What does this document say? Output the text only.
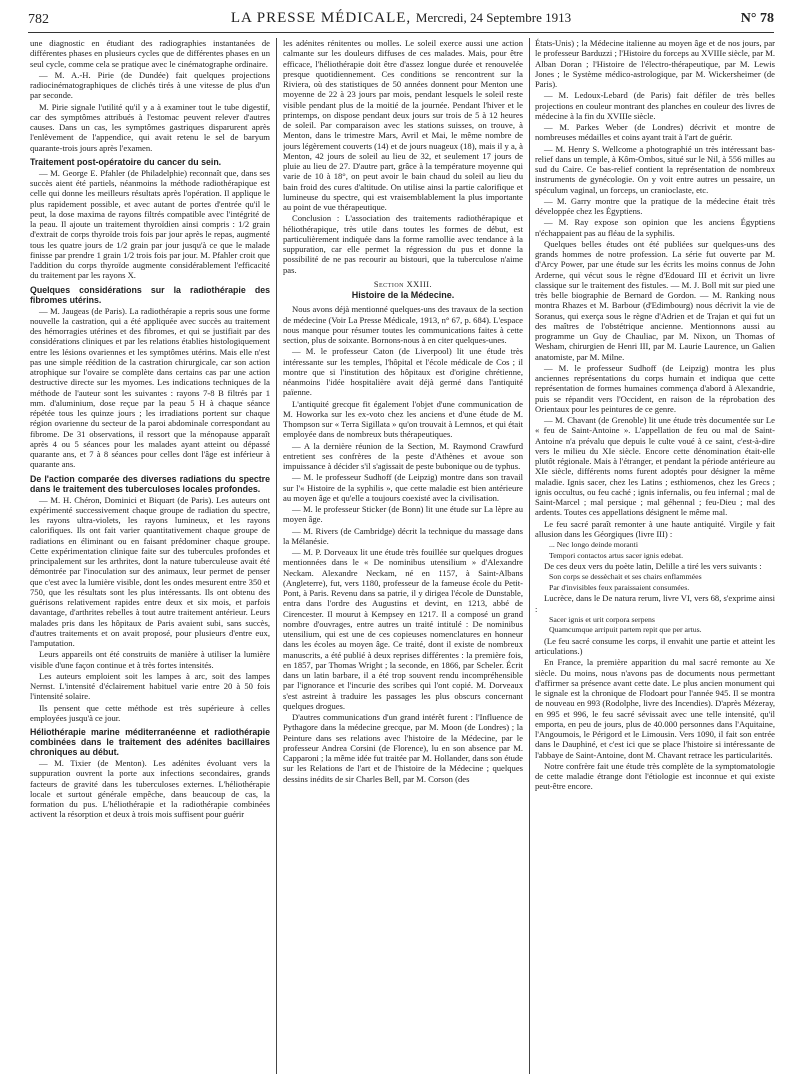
782	LA PRESSE MÉDICALE, Mercredi, 24 Septembre 1913	N° 78

une diagnostic en étudiant des radiographies instantanées de différentes phases en plusieurs cycles que de différentes phases en un seul cycle, comme cela se pratique avec le cinématographe ordinaire.

— M. A.-H. Pirie (de Dundée) fait quelques projections radiocinématographiques de clichés tirés à une vitesse de plus d'un par seconde.

M. Pirie signale l'utilité qu'il y a à examiner tout le tube digestif, car des symptômes attribués à l'estomac peuvent relever d'autres causes. Dans un cas, les symptômes gastriques disparurent après l'enlèvement de l'appendice, qui avait retenu le sel de baryum quarante-trois jours après l'examen.

Traitement post-opératoire du cancer du sein.

— M. George E. Pfahler (de Philadelphie) reconnaît que, dans ses succès aient été partiels, néanmoins la méthode radiothérapique est celle qui donne les meilleurs résultats après l'opération. Il applique le plus rapidement possible, et avec autant de portes d'entrée qu'il le peut, la dose maxima de rayons filtrés compatible avec l'intégrité de la peau. Il ajoute un traitement thyroïdien ainsi compris : 1/2 grain d'extrait de corps thyroïde trois fois par jour après le repas, augmenté tous les quatre jours de 1/2 grain par jour jusqu'à ce que le malade finisse par prendre 1 grain 1/2 trois fois par jour. M. Pfahler croit que l'addition du corps thyroïde augmente considérablement l'efficacité du traitement par les rayons X.

Quelques considérations sur la radiothérapie des fibromes utérins.

— M. Jaugeas (de Paris). La radiothérapie a repris sous une forme nouvelle la castration, qui a été appliquée avec succès au traitement des hémorragies utérines et des fibromes, et qui se justifiait par des considérations cliniques et par les relations établies histologiquement entre les lésions ovariennes et les symptômes utérins. Mais elle n'est pas une simple réédition de la castration chirurgicale, car son action atrophique sur l'ovaire se complète dans certains cas par une action destructive directe sur les myomes. Les indications techniques de la méthode de l'auteur sont les suivantes : rayons 7-8 B filtrés par 1 mm. d'aluminium, dose reçue par la peau 5 H à chaque séance répétée tous les quinze jours ; les irradiations portent sur chaque région ovarienne du secteur de la paroi abdominale correspondant au fibrome. De 31 observations, il ressort que la ménopause apparaît après 4 ou 5 séances pour les malades ayant atteint ou dépassé quarante ans, et 7 à 8 séances pour celles dont l'âge est inférieur à quarante ans.

De l'action comparée des diverses radiations du spectre dans le traitement des tuberculoses locales profondes.

— M. H. Chéron, Dominici et Biquart (de Paris). Les auteurs ont expérimenté successivement chaque groupe de radiation du spectre, les rayons ultra-violets, les rayons lumineux, et les rayons calorifiques. Ils ont fait varier quantitativement chaque groupe de radiations en éliminant ou en faisant prédominer chaque groupe. Cette expérimentation clinique faite sur des tubercules profondes et principalement sur les arthrites, dont la nature tuberculeuse avait été démontrée par l'inoculation sur des animaux, leur permet de penser que c'est avec la lumière visible, dont les ondes mesurent entre 350 et 750, que les résultats sont les plus intéressants. Ils ont obtenu des guérisons relativement rapides entre deux et six mois, et parfois davantage, d'arthrites rebelles à tout autre traitement antérieur. Leurs malades pris dans les hôpitaux de Paris avaient subi, sans succès, d'autres traitements et on avait proposé, pour plusieurs d'entre eux, l'amputation.

Leurs appareils ont été construits de manière à utiliser la lumière visible d'une façon continue et à très fortes intensités.

Les auteurs emploient soit les lampes à arc, soit des lampes Nernst. L'intensité d'éclairement habituel varie entre 20 à 50 fois l'intensité solaire.

Ils pensent que cette méthode est très supérieure à celles employées jusqu'à ce jour.

Héliothérapie marine méditerranéenne et radiothérapie combinées dans le traitement des adénites bacillaires chroniques au début.

— M. Tixier (de Menton). Les adénites évoluant vers la suppuration ouvrent la porte aux infections secondaires, grands facteurs de gravité dans les tuberculoses externes. L'héliothérapie locale et surtout générale empêche, dans beaucoup de cas, la formation du pus. L'héliothérapie et la radiothérapie combinées activent la résorption et deux à trois mois suffisent pour guérir

les adénites rénitentes ou molles. Le soleil exerce aussi une action calmante sur les douleurs diffuses de ces malades. Mais, pour être efficace, l'héliothérapie doit être d'assez longue durée et renouvelée presque quotidiennement. Ces conditions se rencontrent sur la Riviera, où des statistiques de 50 années donnent pour Menton une moyenne de 22 à 23 jours par mois, pendant lesquels le soleil reste visible pendant plus de la moitié de la journée. Pendant l'hiver et le printemps, on dispose pendant deux jours sur trois de 5 à 12 heures de soleil. Par comparaison avec les stations suisses, on trouve, à Menton, dans le trimestre Mars, Avril et Mai, le même nombre de jours légèrement couverts (14) et de jours nuageux (18), mais il y a, à Menton, 42 jours de soleil au lieu de 32, et seulement 17 jours de pluie au lieu de 27. D'autre part, grâce à la température moyenne qui varie de 10 à 18°, on peut avoir le bain chaud du soleil au lieu du bain froid des cures d'altitude. On utilise ainsi la partie calorifique et lumineuse du spectre, qui est vraisemblablement la plus importante au point de vue thérapeutique.

Conclusion : L'association des traitements radiothérapique et héliothérapique, très utile dans toutes les formes de début, est particulièrement indiquée dans la forme ramollie avec tendance à la suppuration, car elle permet la régression du pus et donne la possibilité de ne pas recourir au bistouri, que la tuberculose n'aime pas.

Section XXIII.
Histoire de la Médecine.

Nous avons déjà mentionné quelques-uns des travaux de la section de médecine (Voir La Presse Médicale, 1913, n° 67, p. 684). L'espace nous manque pour résumer toutes les communications faites à cette section, plus de soixante. Bornons-nous à en citer quelques-unes.

— M. le professeur Caton (de Liverpool) lit une étude très intéressante sur les temples, l'hôpital et l'école médicale de Cos ; il montre que si l'institution des hôpitaux est d'origine chrétienne, néanmoins l'idée hospitalière avait déjà germé dans l'antiquité païenne.

L'antiquité grecque fit également l'objet d'une communication de M. Howorka sur les ex-voto chez les anciens et d'une étude de M. Thompson sur « Terra Sigillata » qu'on trouvait à Lemnos, et qui était employée dans de nombreux buts thérapeutiques.

— A la dernière réunion de la Section, M. Raymond Crawfurd entretient ses confrères de la peste d'Athènes et avoue son impuissance à décider s'il s'agissait de peste bubonique ou de typhus.

— M. le professeur Sudhoff (de Leipzig) montre dans son travail sur l'« Histoire de la syphilis », que cette maladie est bien antérieure au moyen âge et qu'elle a toujours coexisté avec la civilisation.

— M. le professeur Sticker (de Bonn) lit une étude sur La lèpre au moyen âge.

— M. Rivers (de Cambridge) décrit la technique du massage dans la Mélanésie.

— M. P. Dorveaux lit une étude très fouillée sur quelques drogues mentionnées dans le « De nominibus utensilium » d'Alexandre Neckam. Alexandre Neckam, né en 1157, à Saint-Albans (Angleterre), fut, vers 1180, professeur de la fameuse école du Petit-Pont, à Paris. Revenu dans sa patrie, il y dirigea l'école de Dunstable, entra dans l'ordre des Augustins et devint, en 1213, abbé de Cirencester. Il mourut à Kempsey en 1217. Il a composé un grand nombre d'ouvrages, entre autres un traité intitulé : De nominibus utensilium, qui est une de ces copieuses nomenclatures en honneur dans les écoles au moyen âge. Ce traité, dont il existe de nombreux manuscrits, a été publié à deux reprises différentes : la première fois, en 1857, par Thomas Wright ; la seconde, en 1866, par Scheler. Écrit dans un latin barbare, il a été trop souvent rendu incompréhensible par l'ignorance et l'incurie des scribes qui l'ont copié. M. Dorveaux s'est astreint à traduire les passages les plus obscurs concernant quelques drogues.

D'autres communications d'un grand intérêt furent : l'Influence de Pythagore dans la médecine grecque, par M. Moon (de Londres) ; la Peinture dans ses relations avec l'histoire de la Médecine, par le professeur Andrea Corsini (de Florence), lu en son absence par M. Capparoni ; la même idée fut traitée par M. Hollander, dans son étude sur les Relations de l'art et de l'histoire de la Médecine ; quelques dessins inédits de sir Charles Bell, par M. Corson (des

États-Unis) ; la Médecine italienne au moyen âge et de nos jours, par le professeur Barduzzi ; l'Histoire du forceps au XVIIIe siècle, par M. Alban Doran ; l'Histoire de l'électro-thérapeutique, par M. Lewis Jones ; le Système médico-astrologique, par M. Wickersheimer (de Paris).

— M. Ledoux-Lebard (de Paris) fait défiler de très belles projections en couleur montrant des planches en couleur des livres de médecine à la fin du XVIIIe siècle.

— M. Parkes Weber (de Londres) décrivit et montre de nombreuses médailles et coins ayant trait à l'art de guérir.

— M. Henry S. Wellcome a photographié un très intéressant bas-relief dans un temple, à Kôm-Ombos, situé sur le Nil, à 556 milles au sud du Caire. Ce bas-relief contient la représentation de nombreux instruments de gynécologie. On y voit entre autres un pessaire, un spéculum vaginal, un forceps, un cranioclaste, etc.

— M. Garry montre que la pratique de la médecine était très développée chez les Égyptiens.

— M. Ray expose son opinion que les anciens Égyptiens n'échappaient pas au fléau de la syphilis.

Quelques belles études ont été publiées sur quelques-uns des grands hommes de notre profession. La série fut ouverte par M. d'Arcy Power, par une étude sur les écrits les moins connus de John Arderne, qui vécut sous le règne d'Edouard III et écrivit un livre classique sur le traitement des fistules. — M. J. Boll mit sur pied une très belle biographie de Bernard de Gordon. — M. Ranking nous montra Rhazes et M. Barbour (d'Edimbourg) nous décrivit la vie de Soranus, qui exerça sous le règne d'Adrien et de Trajan et qui fut un des maîtres de l'obstétrique ancienne. Mentionnons aussi au programme un Guy de Chauliac, par M. Nixon, un Thomas of Wesham, chirurgien de Henri III, par M. Laurie Laurence, un Galien anatomiste, par M. Milne.

— M. le professeur Sudhoff (de Leipzig) montra les plus anciennes représentations du corps humain et indiqua que cette représentation de formes humaines commença d'abord à Alexandrie, puis se répandit vers l'Occident, en raison de la réprobation des Orientaux pour les peintures de ce genre.

— M. Chavant (de Grenoble) lit une étude très documentée sur Le « feu de Saint-Antoine ». L'appellation de feu ou mal de Saint-Antoine n'a prévalu que depuis le culte voué à ce saint, c'est-à-dire vers le milieu du XIe siècle. Encore cette dénomination était-elle plutôt régionale. Mais à l'étranger, et pendant la période antérieure au XIe siècle, différents noms furent adoptés pour désigner la même maladie. Ignis sacer, chez les Latins ; esthiomenos, chez les Grecs ; ignis occultus, ou feu caché ; ignis infernalis, ou feu infernal ; mal de Saint-Marcel ; mal persique ; mal géhennal ; feu-Dieu ; mal des ardents. Toutes ces appellations désignent le même mal.

Le feu sacré paraît remonter à une haute antiquité. Virgile y fait allusion dans les Géorgiques (livre III) :

... Nec longo deinde moranti
Tempori contactos artus sacer ignis edebat.

De ces deux vers du poète latin, Delille a tiré les vers suivants :

Son corps se dessèchait et ses chairs enflammées
Par d'invisibles feux paraissaient consumées.

Lucrèce, dans le De natura rerum, livre VI, vers 68, s'exprime ainsi :

Sacer ignis et urit corpora serpens
Quamcumque arripuit partem repit que per artus.

(Le feu sacré consume les corps, il envahit une partie et atteint les articulations.)

En France, la première apparition du mal sacré remonte au Xe siècle. Du moins, nous n'avons pas de documents nous permettant d'affirmer sa présence avant cette date. Le plus ancien monument qui le signale est la chronique de Flodoart pour l'année 945. Il se montra de nouveau en 993 (Rodolphe, livre des Incendies). D'après Mézeray, en 995 et 996, le feu sacré sévissait avec une telle intensité, qu'il emporta, en peu de jours, plus de 40.000 personnes dans l'Aquitaine, l'Angoumois, le Périgord et le Limousin. Vers 1090, il fait son entrée dans le Dauphiné, et c'est ici que se place l'histoire si intéressante de l'abbaye de Saint-Antoine, dont M. Chavant retrace les particularités.

Notre confrère fait une étude très complète de la symptomatologie de cette maladie étrange dont l'étiologie est inconnue et qui existe peut-être encore.
